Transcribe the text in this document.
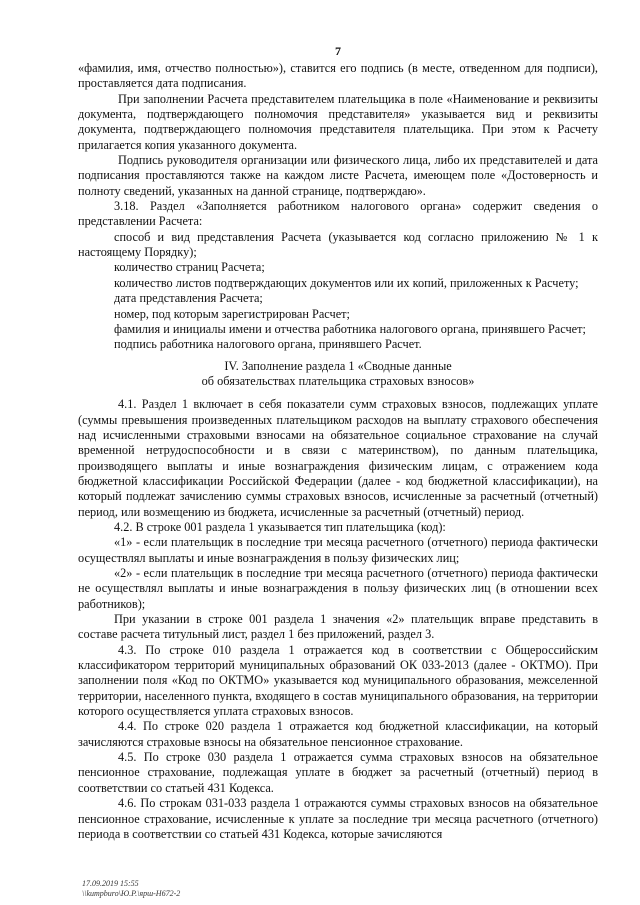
7

«фамилия, имя, отчество полностью»), ставится его подпись (в месте, отведенном для подписи), проставляется дата подписания.

При заполнении Расчета представителем плательщика в поле «Наименование и реквизиты документа, подтверждающего полномочия представителя» указывается вид и реквизиты документа, подтверждающего полномочия представителя плательщика. При этом к Расчету прилагается копия указанного документа.

Подпись руководителя организации или физического лица, либо их представителей и дата подписания проставляются также на каждом листе Расчета, имеющем поле «Достоверность и полноту сведений, указанных на данной странице, подтверждаю».

3.18. Раздел «Заполняется работником налогового органа» содержит сведения о представлении Расчета:

способ и вид представления Расчета (указывается код согласно приложению № 1 к настоящему Порядку);

количество страниц Расчета;

количество листов подтверждающих документов или их копий, приложенных к Расчету;

дата представления Расчета;

номер, под которым зарегистрирован Расчет;

фамилия и инициалы имени и отчества работника налогового органа, принявшего Расчет;

подпись работника налогового органа, принявшего Расчет.

IV. Заполнение раздела 1 «Сводные данные
об обязательствах плательщика страховых взносов»

4.1. Раздел 1 включает в себя показатели сумм страховых взносов, подлежащих уплате (суммы превышения произведенных плательщиком расходов на выплату страхового обеспечения над исчисленными страховыми взносами на обязательное социальное страхование на случай временной нетрудоспособности и в связи с материнством), по данным плательщика, производящего выплаты и иные вознаграждения физическим лицам, с отражением кода бюджетной классификации Российской Федерации (далее - код бюджетной классификации), на который подлежат зачислению суммы страховых взносов, исчисленные за расчетный (отчетный) период, или возмещению из бюджета, исчисленные за расчетный (отчетный) период.

4.2. В строке 001 раздела 1 указывается тип плательщика (код):

«1» - если плательщик в последние три месяца расчетного (отчетного) периода фактически осуществлял выплаты и иные вознаграждения в пользу физических лиц;

«2» - если плательщик в последние три месяца расчетного (отчетного) периода фактически не осуществлял выплаты и иные вознаграждения в пользу физических лиц (в отношении всех работников);

При указании в строке 001 раздела 1 значения «2» плательщик вправе представить в составе расчета титульный лист, раздел 1 без приложений, раздел 3.

4.3. По строке 010 раздела 1 отражается код в соответствии с Общероссийским классификатором территорий муниципальных образований ОК 033-2013 (далее - ОКТМО). При заполнении поля «Код по ОКТМО» указывается код муниципального образования, межселенной территории, населенного пункта, входящего в состав муниципального образования, на территории которого осуществляется уплата страховых взносов.

4.4. По строке 020 раздела 1 отражается код бюджетной классификации, на который зачисляются страховые взносы на обязательное пенсионное страхование.

4.5. По строке 030 раздела 1 отражается сумма страховых взносов на обязательное пенсионное страхование, подлежащая уплате в бюджет за расчетный (отчетный) период в соответствии со статьей 431 Кодекса.

4.6. По строкам 031-033 раздела 1 отражаются суммы страховых взносов на обязательное пенсионное страхование, исчисленные к уплате за последние три месяца расчетного (отчетного) периода в соответствии со статьей 431 Кодекса, которые зачисляются

17.09.2019 15:55
\\kumpburo\Ю.Р.\ярш-Н672-2
